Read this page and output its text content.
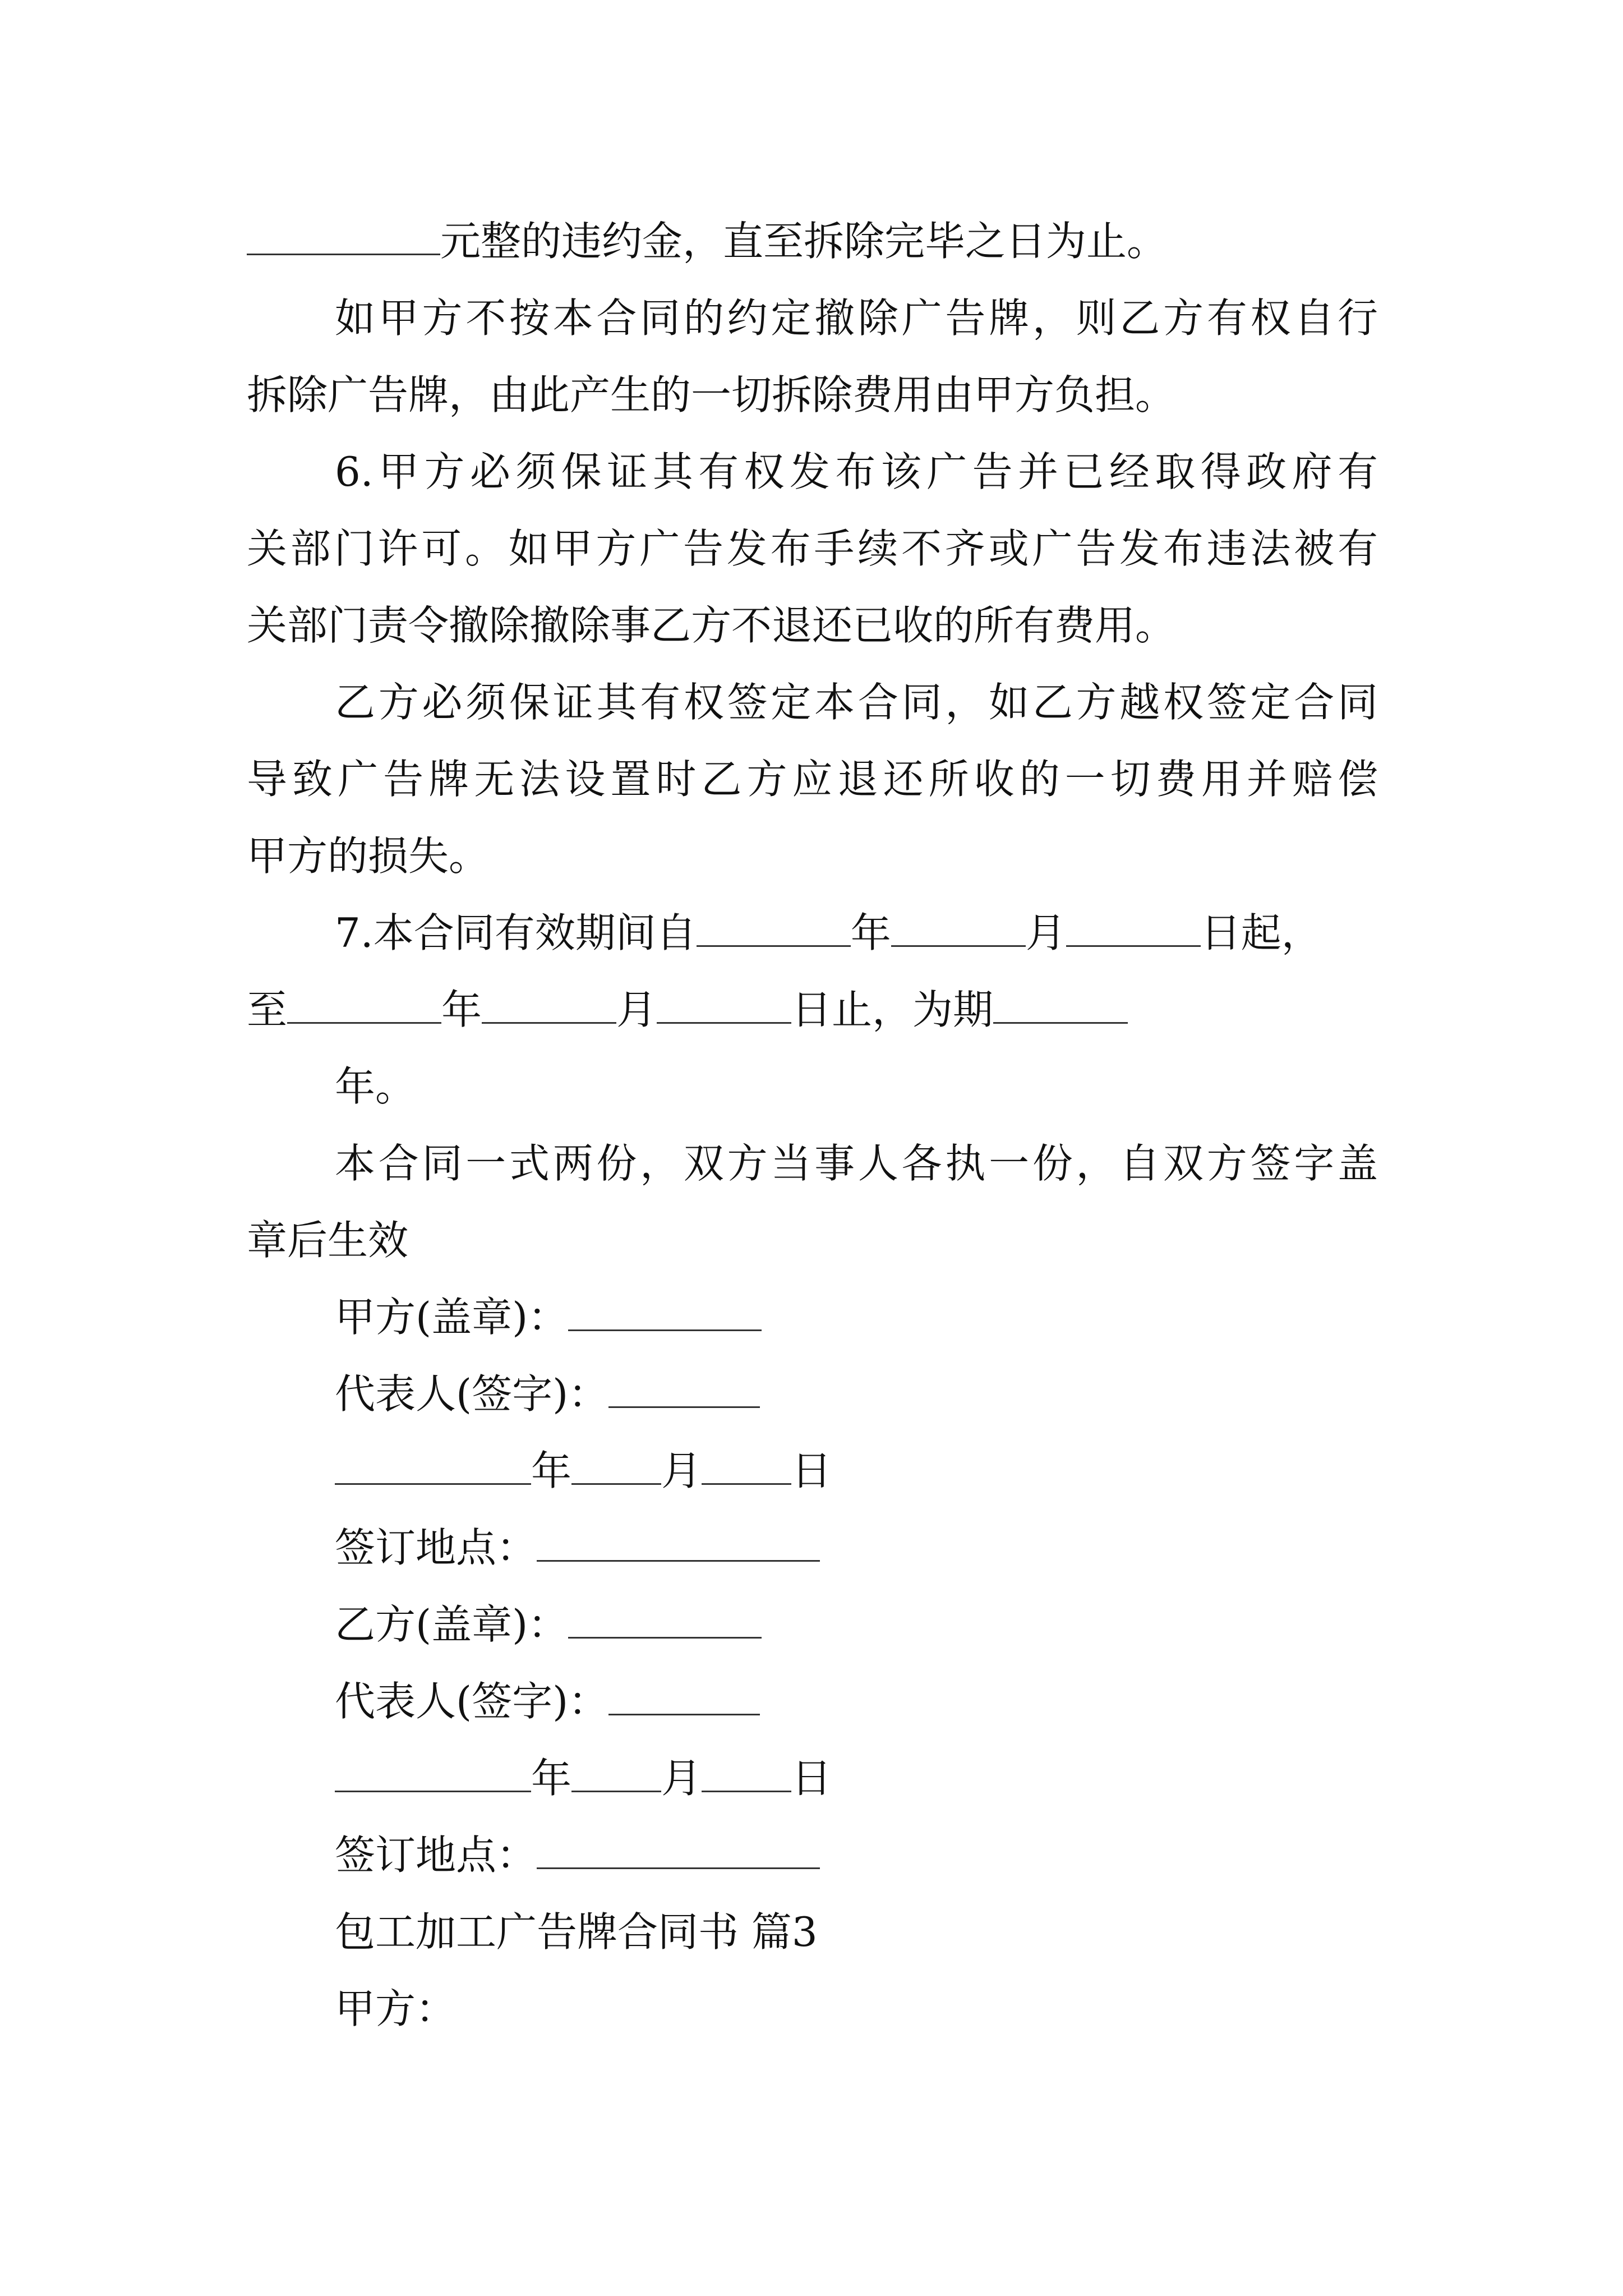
元整的违约金，直至拆除完毕之日为止。
如甲方不按本合同的约定撤除广告牌，则乙方有权自行
拆除广告牌，由此产生的一切拆除费用由甲方负担。
6.甲方必须保证其有权发布该广告并已经取得政府有
关部门许可。如甲方广告发布手续不齐或广告发布违法被有
关部门责令撤除撤除事乙方不退还已收的所有费用。
乙方必须保证其有权签定本合同，如乙方越权签定合同
导致广告牌无法设置时乙方应退还所收的一切费用并赔偿
甲方的损失。
7.本合同有效期间自	年	月	日起，
至	年	月	日止，为期
年。
本合同一式两份，双方当事人各执一份，自双方签字盖
章后生效
甲方(盖章)：
代表人(签字)：
年 月 日
签订地点：
乙方(盖章)：
代表人(签字)：
年 月 日
签订地点：
包工加工广告牌合同书 篇3
甲方：
